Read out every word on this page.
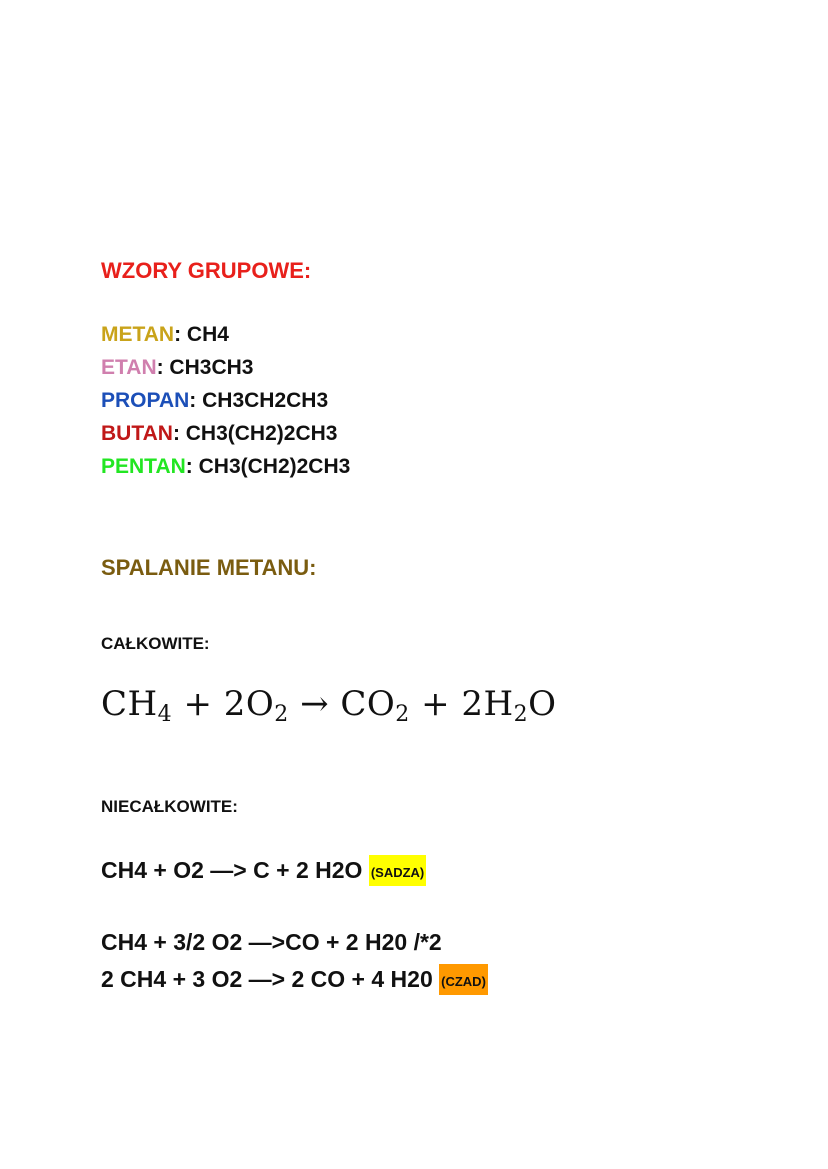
WZORY GRUPOWE:
METAN: CH4
ETAN: CH3CH3
PROPAN: CH3CH2CH3
BUTAN: CH3(CH2)2CH3
PENTAN: CH3(CH2)2CH3
SPALANIE METANU:
CAŁKOWITE:
$CH_4 + 2O_2 \to CO_2 + 2H_2O$
NIECAŁKOWITE:
CH4 + O2 —> C + 2 H2O (SADZA)
CH4 + 3/2 O2 —>CO + 2 H20 /*2
2 CH4 + 3 O2 —> 2 CO + 4 H20 (CZAD)
